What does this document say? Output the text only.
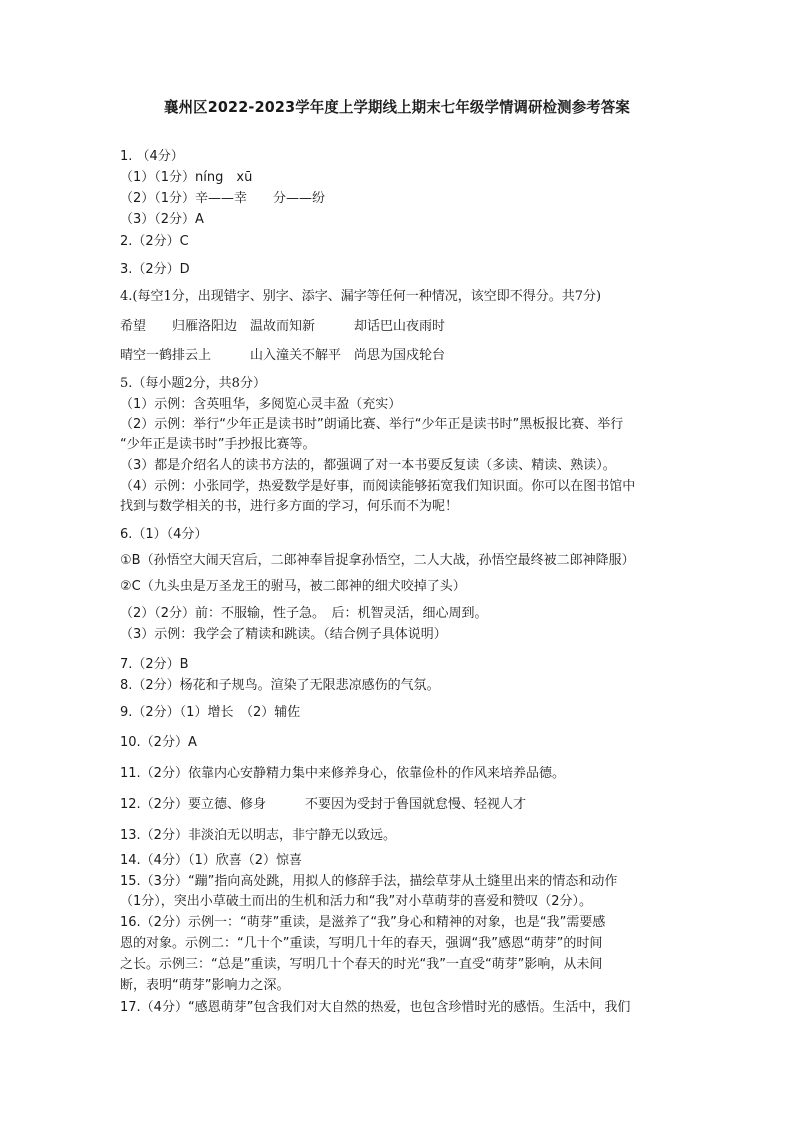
襄州区2022-2023学年度上学期线上期末七年级学情调研检测参考答案

1. （4分）

（1）（1分）níng　xū

（2）（1分）辛——幸　　分——纷

（3）（2分）A

2.（2分）C

3.（2分）D

4.(每空1分，出现错字、别字、添字、漏字等任何一种情况，该空即不得分。共7分)

希望　　归雁洛阳边　温故而知新　　　却话巴山夜雨时

晴空一鹤排云上　　　山入潼关不解平　尚思为国戍轮台

5.（每小题2分，共8分）

（1）示例：含英咀华，多阅览心灵丰盈（充实）

（2）示例：举行“少年正是读书时”朗诵比赛、举行“少年正是读书时”黑板报比赛、举行

“少年正是读书时”手抄报比赛等。

（3）都是介绍名人的读书方法的，都强调了对一本书要反复读（多读、精读、熟读）。

（4）示例：小张同学，热爱数学是好事，而阅读能够拓宽我们知识面。你可以在图书馆中

找到与数学相关的书，进行多方面的学习，何乐而不为呢！

6.（1）（4分）

①B（孙悟空大闹天宫后，二郎神奉旨捉拿孙悟空，二人大战，孙悟空最终被二郎神降服）

②C（九头虫是万圣龙王的驸马，被二郎神的细犬咬掉了头）

（2）（2分）前：不服输，性子急。　后：机智灵活，细心周到。

（3）示例：我学会了精读和跳读。（结合例子具体说明）

7.（2分）B

8.（2分）杨花和子规鸟。渲染了无限悲凉感伤的气氛。

9.（2分）（1）增长　（2）辅佐

10.（2分）A

11.（2分）依靠内心安静精力集中来修养身心，依靠俭朴的作风来培养品德。

12.（2分）要立德、修身　　　不要因为受封于鲁国就怠慢、轻视人才

13.（2分）非淡泊无以明志，非宁静无以致远。

14.（4分）（1）欣喜（2）惊喜

15.（3分）“蹦”指向高处跳，用拟人的修辞手法，描绘草芽从土缝里出来的情态和动作

（1分），突出小草破土而出的生机和活力和“我”对小草萌芽的喜爱和赞叹（2分）。

16.（2分）示例一：“萌芽”重读，是滋养了“我”身心和精神的对象，也是“我”需要感

恩的对象。示例二：“几十个”重读，写明几十年的春天，强调“我”感恩“萌芽”的时间

之长。示例三：“总是”重读，写明几十个春天的时光“我”一直受“萌芽”影响，从未间

断，表明“萌芽”影响力之深。

17.（4分）“感恩萌芽”包含我们对大自然的热爱，也包含珍惜时光的感悟。生活中，我们
